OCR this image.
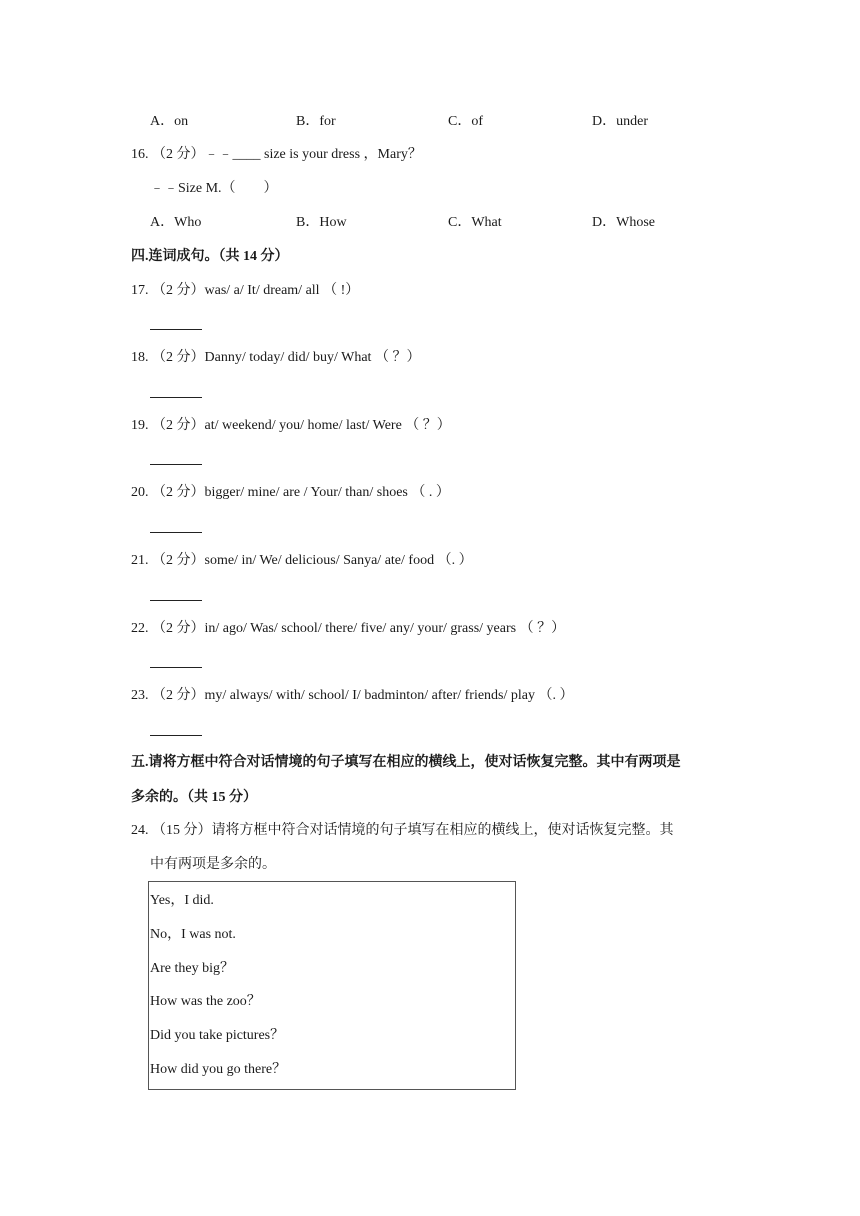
A．on	B．for	C．of	D．under
16. （2 分）﹣﹣____ size is your dress ，Mary？
﹣﹣Size M.（　　）
A．Who	B．How	C．What	D．Whose
四.连词成句。（共 14 分）
17. （2 分）was/ a/ It/ dream/ all （ !）
18. （2 分）Danny/ today/ did/ buy/ What （ ？）
19. （2 分）at/ weekend/ you/ home/ last/ Were （ ？）
20. （2 分）bigger/ mine/ are / Your/ than/ shoes （ . ）
21. （2 分）some/ in/ We/ delicious/ Sanya/ ate/ food （. ）
22. （2 分）in/ ago/ Was/ school/ there/ five/ any/ your/ grass/ years （ ？）
23. （2 分）my/ always/ with/ school/ I/ badminton/ after/ friends/ play （. ）
五.请将方框中符合对话情境的句子填写在相应的横线上，使对话恢复完整。其中有两项是
多余的。（共 15 分）
24. （15 分）请将方框中符合对话情境的句子填写在相应的横线上，使对话恢复完整。其
中有两项是多余的。
Yes，I did.
No，I was not.
Are they big？
How was the zoo？
Did you take pictures？
How did you go there？
